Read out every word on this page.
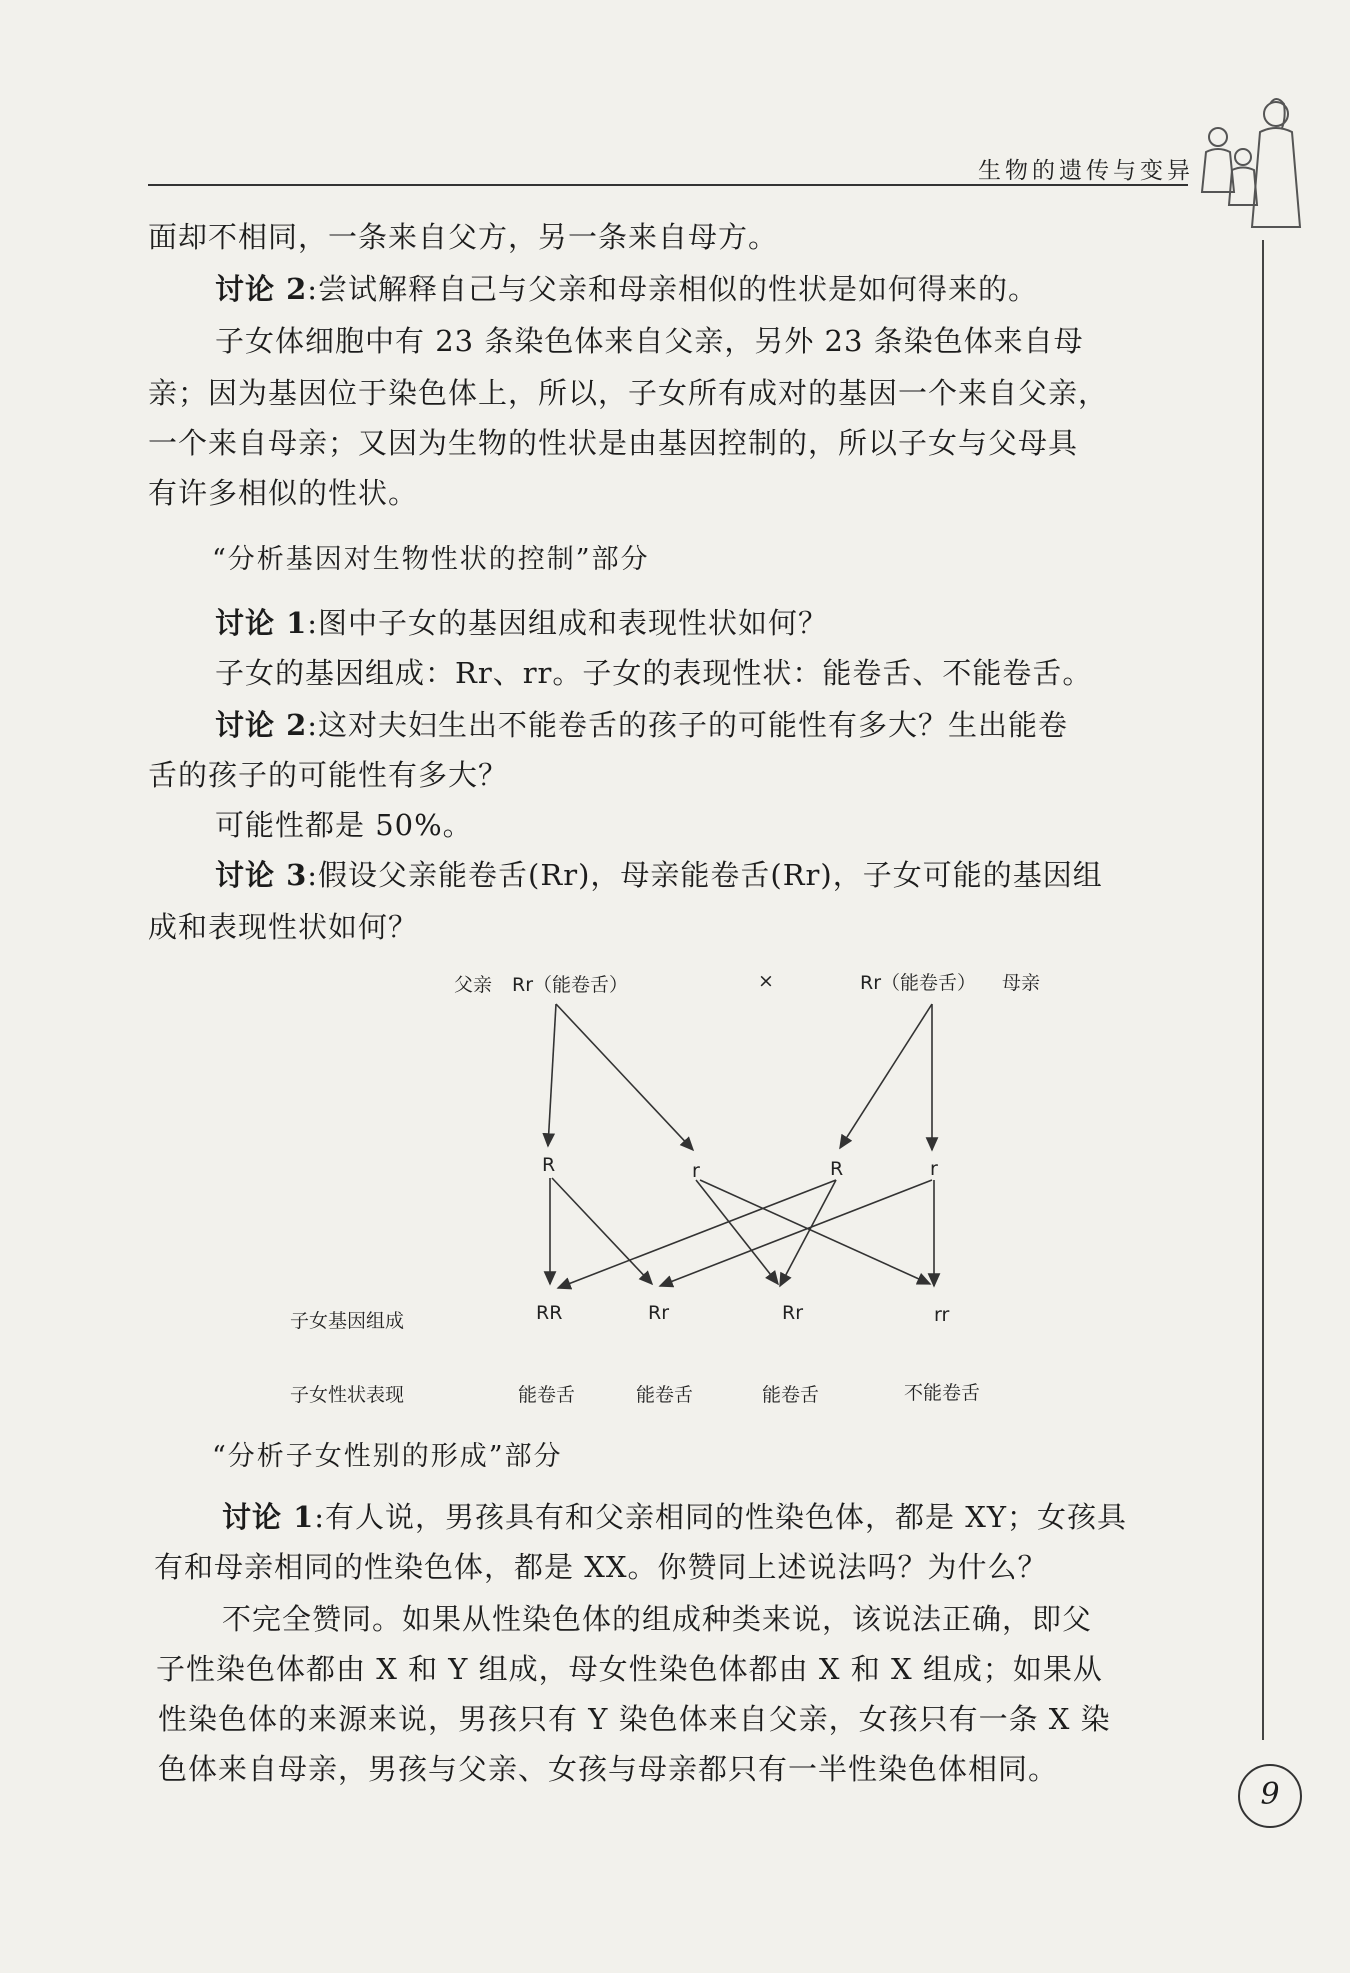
生物的遗传与变异
面却不相同，一条来自父方，另一条来自母方。
讨论 2:尝试解释自己与父亲和母亲相似的性状是如何得来的。
子女体细胞中有 23 条染色体来自父亲，另外 23 条染色体来自母
亲；因为基因位于染色体上，所以，子女所有成对的基因一个来自父亲，
一个来自母亲；又因为生物的性状是由基因控制的，所以子女与父母具
有许多相似的性状。
“分析基因对生物性状的控制”部分
讨论 1:图中子女的基因组成和表现性状如何？
子女的基因组成：Rr、rr。子女的表现性状：能卷舌、不能卷舌。
讨论 2:这对夫妇生出不能卷舌的孩子的可能性有多大？生出能卷
舌的孩子的可能性有多大？
可能性都是 50%。
讨论 3:假设父亲能卷舌(Rr)，母亲能卷舌(Rr)，子女可能的基因组
成和表现性状如何？
父亲 Rr（能卷舌）	×	Rr（能卷舌） 母亲
R	r	R	r
子女基因组成	RR	Rr	Rr	rr
子女性状表现	能卷舌	能卷舌	能卷舌	不能卷舌
“分析子女性别的形成”部分
讨论 1:有人说，男孩具有和父亲相同的性染色体，都是 XY；女孩具
有和母亲相同的性染色体，都是 XX。你赞同上述说法吗？为什么？
不完全赞同。如果从性染色体的组成种类来说，该说法正确，即父
子性染色体都由 X 和 Y 组成，母女性染色体都由 X 和 X 组成；如果从
性染色体的来源来说，男孩只有 Y 染色体来自父亲，女孩只有一条 X 染
色体来自母亲，男孩与父亲、女孩与母亲都只有一半性染色体相同。
9
